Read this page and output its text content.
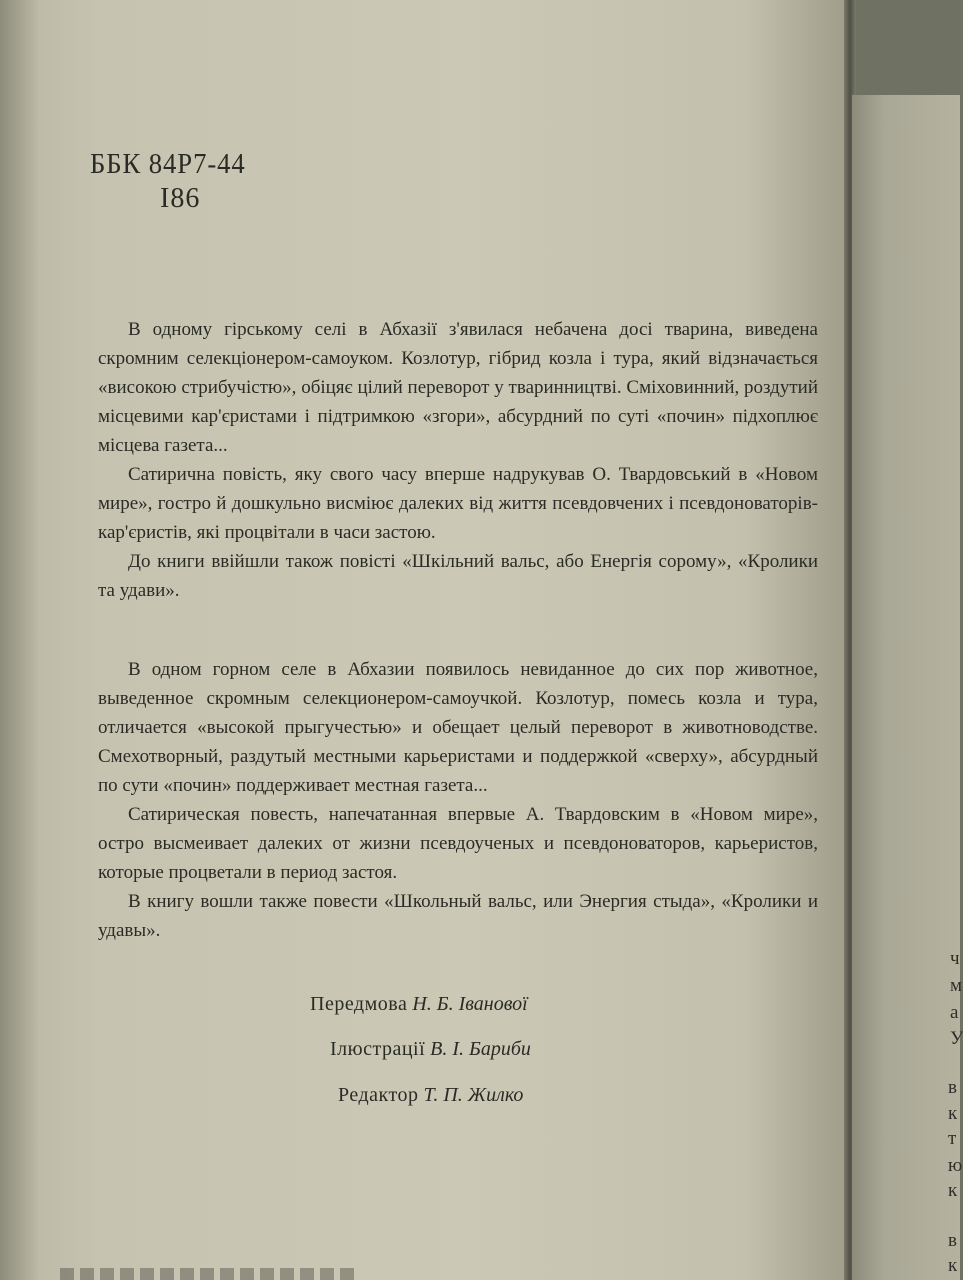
ББК 84Р7-44
І86

В одному гірському селі в Абхазії з'явилася небачена досі тварина, виведена скромним селекціонером-самоуком. Козлотур, гібрид козла і тура, який відзначається «високою стрибучістю», обіцяє цілий переворот у тваринництві. Сміховинний, роздутий місцевими кар'єристами і підтримкою «згори», абсурдний по суті «почин» підхоплює місцева газета...

Сатирична повість, яку свого часу вперше надрукував О. Твардовський в «Новом мире», гостро й дошкульно висміює далеких від життя псевдовчених і псевдоноваторів-кар'єристів, які процвітали в часи застою.

До книги ввійшли також повісті «Шкільний вальс, або Енергія сорому», «Кролики та удави».

В одном горном селе в Абхазии появилось невиданное до сих пор животное, выведенное скромным селекционером-самоучкой. Козлотур, помесь козла и тура, отличается «высокой прыгучестью» и обещает целый переворот в животноводстве. Смехотворный, раздутый местными карьеристами и поддержкой «сверху», абсурдный по сути «почин» поддерживает местная газета...

Сатирическая повесть, напечатанная впервые А. Твардовским в «Новом мире», остро высмеивает далеких от жизни псевдоученых и псевдоноваторов, карьеристов, которые процветали в период застоя.

В книгу вошли также повести «Школьный вальс, или Энергия стыда», «Кролики и удавы».

Передмова Н. Б. Іванової
Ілюстрації В. І. Бариби
Редактор Т. П. Жилко
ч
м
а
У
в
к
т
ю
к
в
к
